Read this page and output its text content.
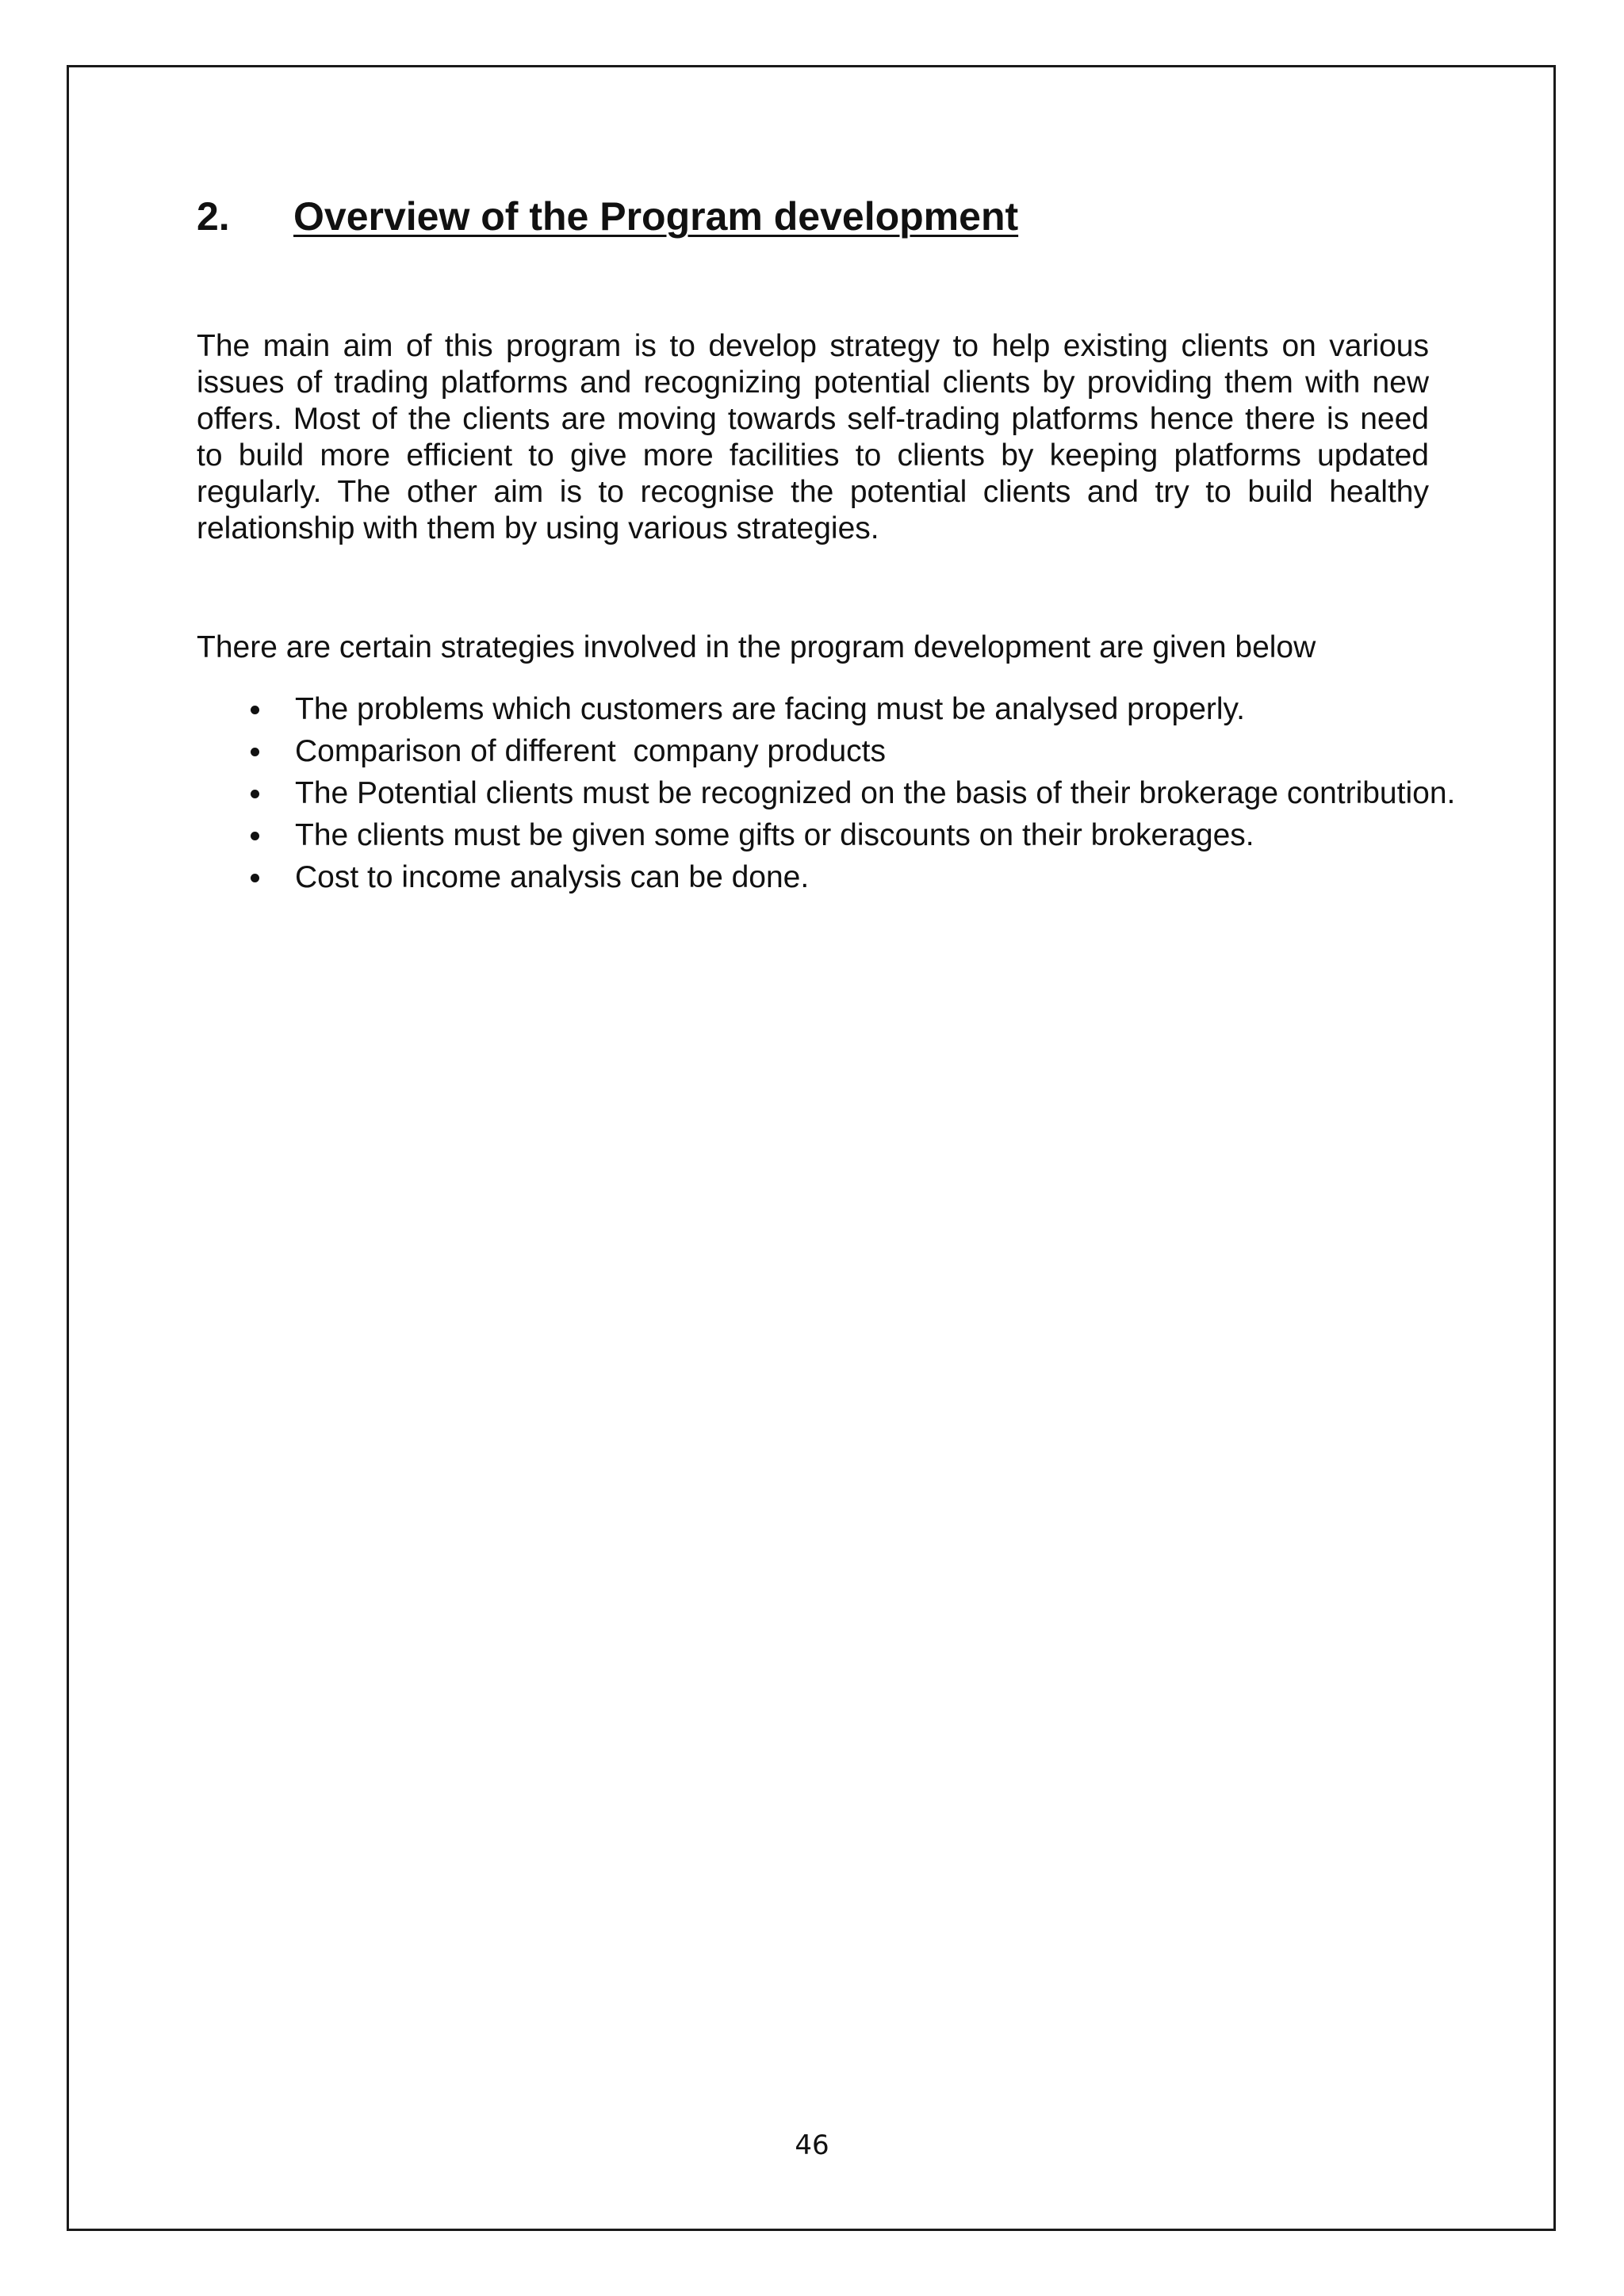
2.	Overview of the Program development

The main aim of this program is to develop strategy to help existing clients on various issues of trading platforms and recognizing potential clients by providing them with new offers. Most of the clients are moving towards self-trading platforms hence there is need to build more efficient to give more facilities to clients by keeping platforms updated regularly. The other aim is to recognise the potential clients and try to build healthy relationship with them by using various strategies.

There are certain strategies involved in the program development are given below

The problems which customers are facing must be analysed properly.
Comparison of different  company products
The Potential clients must be recognized on the basis of their brokerage contribution.
The clients must be given some gifts or discounts on their brokerages.
Cost to income analysis can be done.
46
